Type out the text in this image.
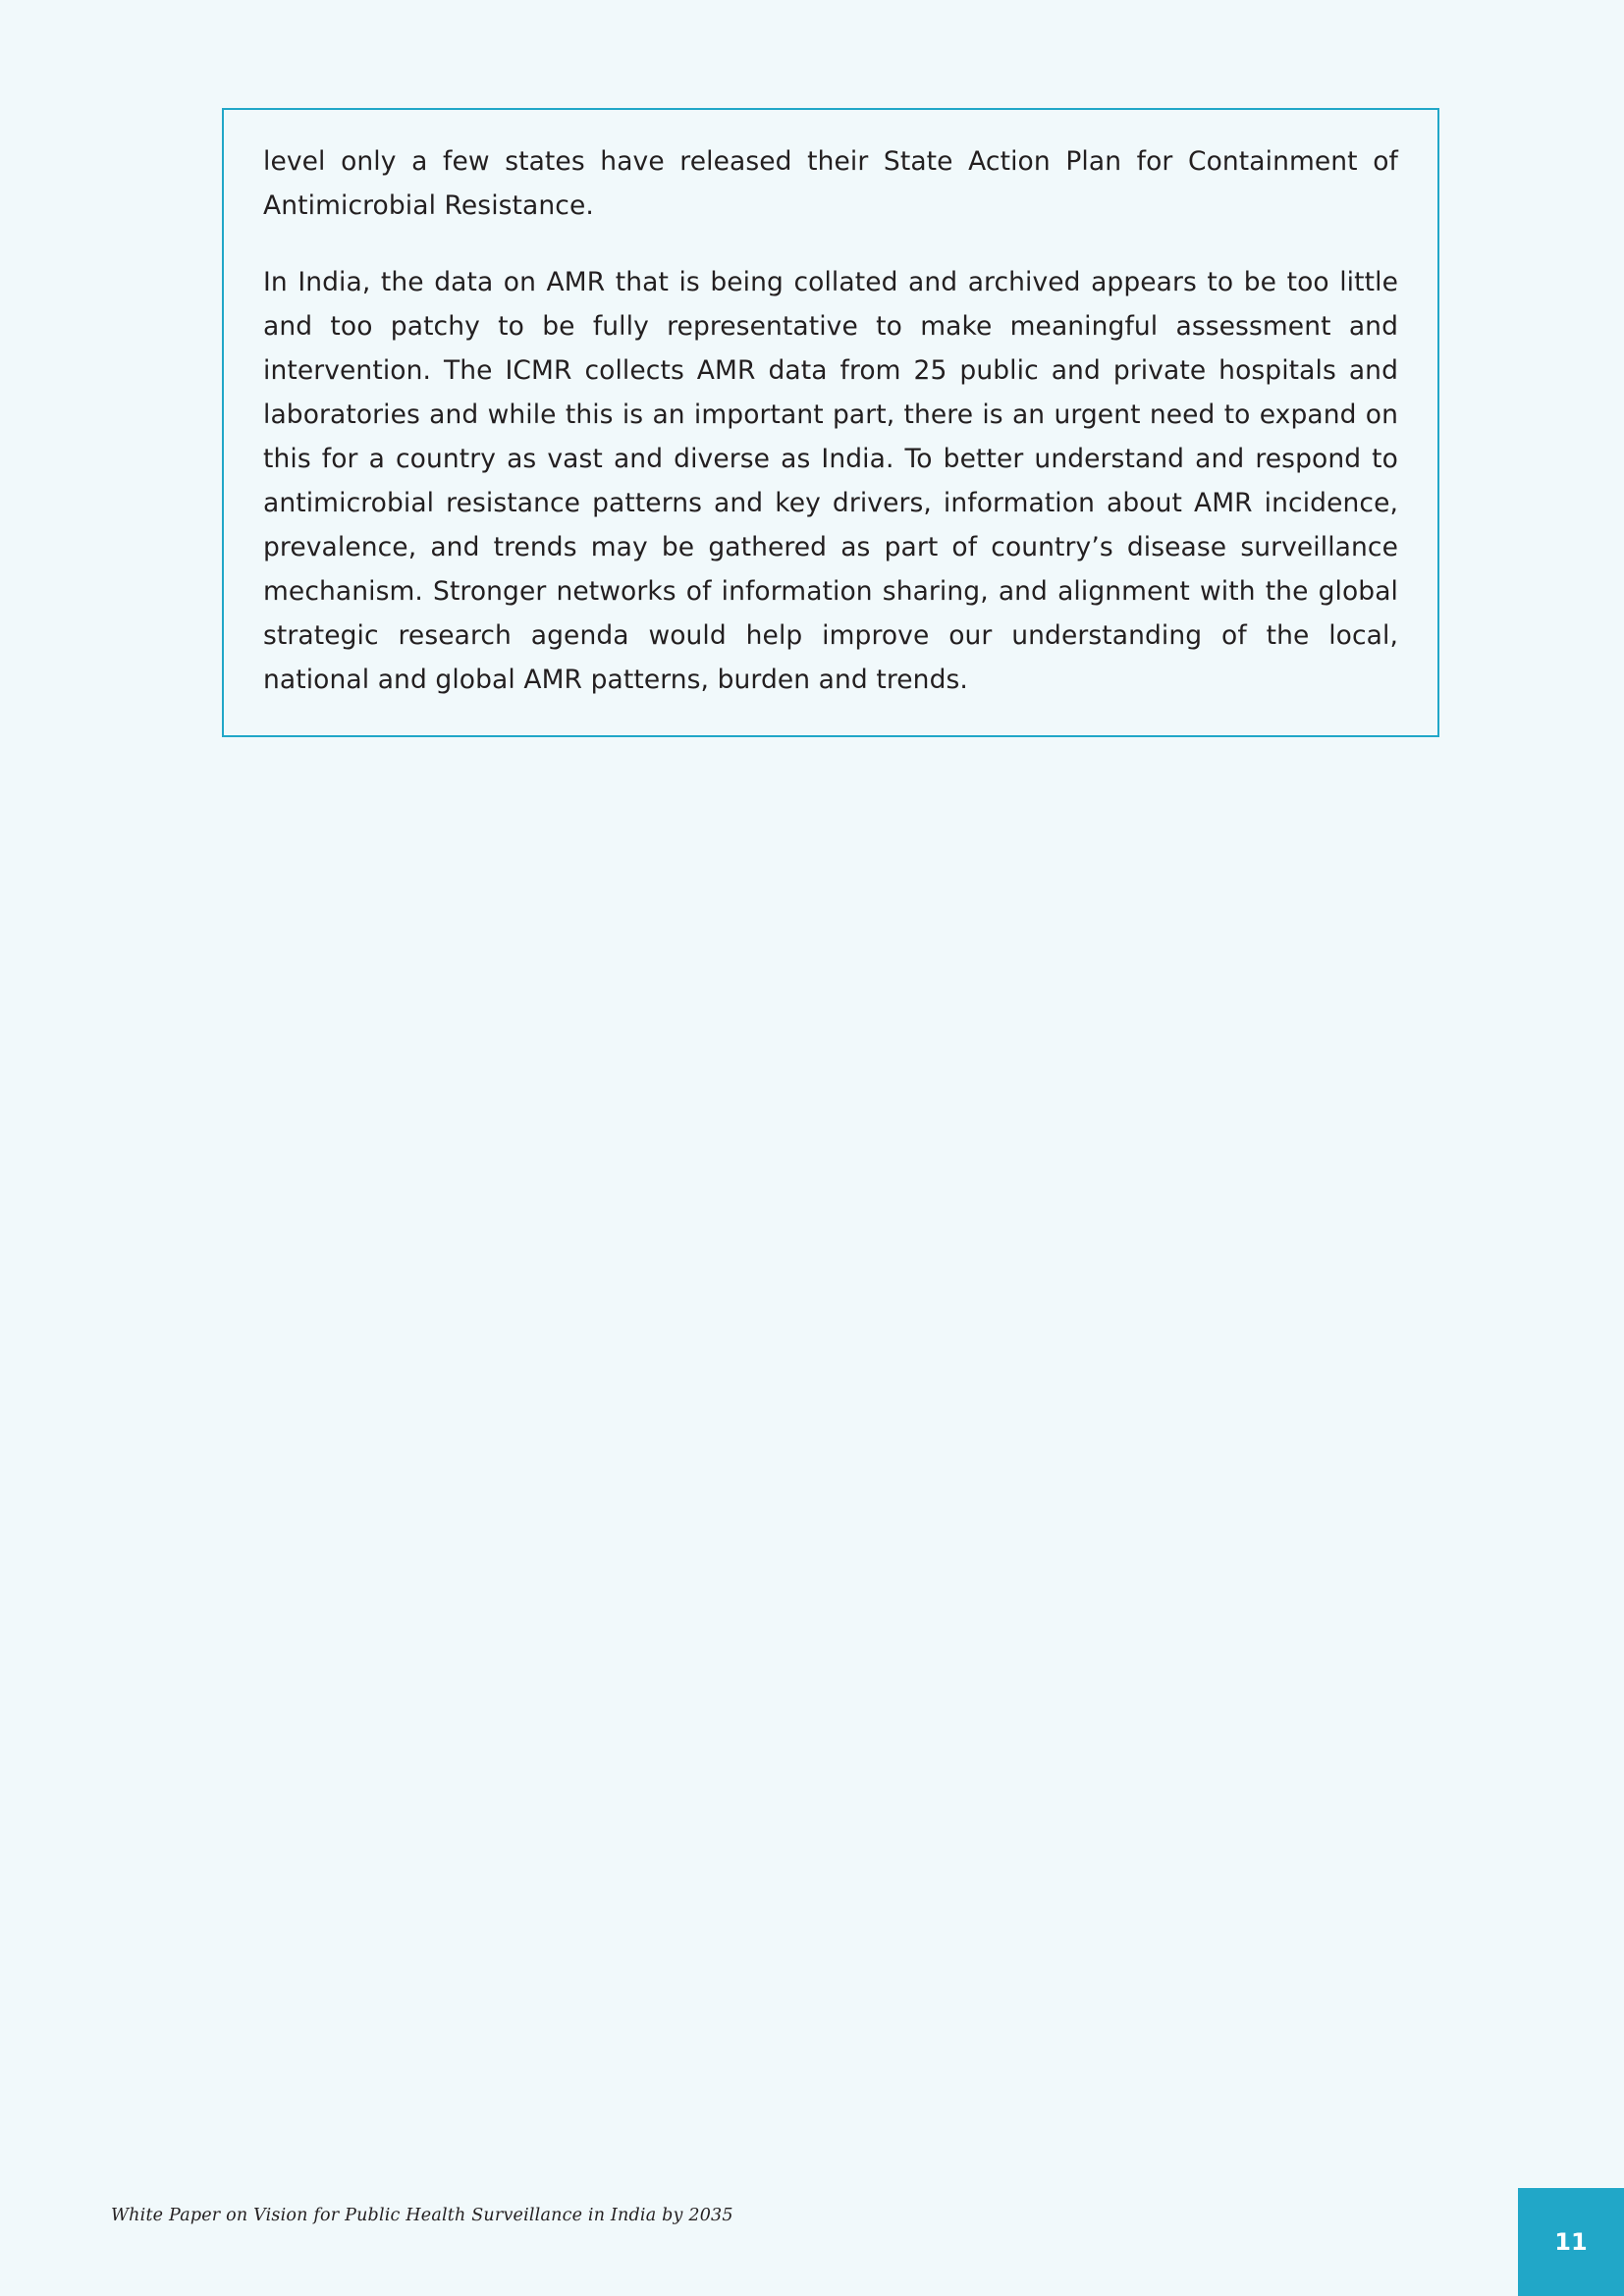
level only a few states have released their State Action Plan for Containment of Antimicrobial Resistance.

In India, the data on AMR that is being collated and archived appears to be too little and too patchy to be fully representative to make meaningful assessment and intervention. The ICMR collects AMR data from 25 public and private hospitals and laboratories and while this is an important part, there is an urgent need to expand on this for a country as vast and diverse as India. To better understand and respond to antimicrobial resistance patterns and key drivers, information about AMR incidence, prevalence, and trends may be gathered as part of country’s disease surveillance mechanism. Stronger networks of information sharing, and alignment with the global strategic research agenda would help improve our understanding of the local, national and global AMR patterns, burden and trends.

White Paper on Vision for Public Health Surveillance in India by 2035
11
